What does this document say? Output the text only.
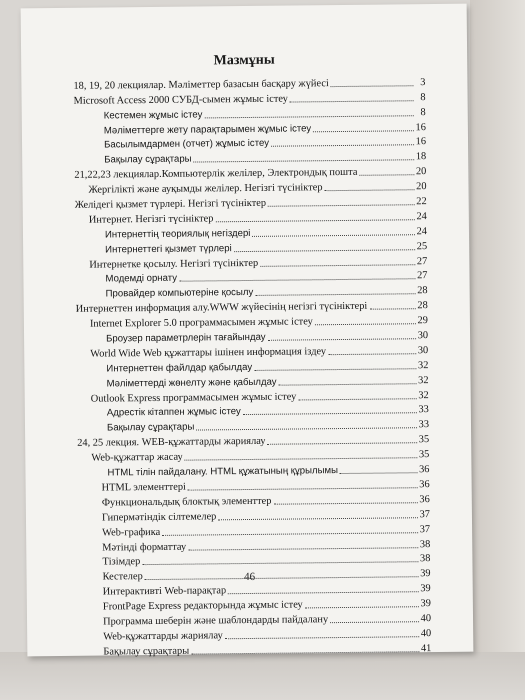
Мазмұны
18, 19, 20 лекциялар. Мәліметтер базасын басқару жүйесі	3
Microsoft Access 2000 СУБД-сымен жұмыс істеу	8
Кестемен жұмыс істеу	8
Мәліметтерге жету парақтарымен жұмыс істеу	16
Басылымдармен (отчет) жұмыс істеу	16
Бақылау сұрақтары	18
21,22,23 лекциялар.Компьютерлік желілер, Электрондық пошта	20
Жергілікті және ауқымды желілер. Негізгі түсініктер	20
Желідегі қызмет түрлері. Негізгі түсініктер	22
Интернет. Негізгі түсініктер	24
Интернеттің теориялық негіздері	24
Интернеттегі қызмет түрлері	25
Интернетке қосылу. Негізгі түсініктер	27
Модемді орнату	27
Провайдер компьютеріне қосылу	28
Интернеттен информация алу.WWW жүйесінің негізгі түсініктері	28
Internet Explorer 5.0 программасымен жұмыс істеу	29
Броузер параметрлерін тағайындау	30
World Wide Web құжаттары ішінен информация іздеу	30
Интернеттен файлдар қабылдау	32
Мәліметтерді жөнелту және қабылдау	32
Outlook Express программасымен жұмыс істеу	32
Адрестік кітаппен жұмыс істеу	33
Бақылау сұрақтары	33
24, 25 лекция. WEB-құжаттарды жариялау	35
Web-құжаттар жасау	35
HTML тілін пайдалану. HTML құжатының құрылымы	36
HTML элементтері	36
Функциональдық блоктық элементтер	36
Гипермәтіндік сілтемелер	37
Web-графика	37
Мәтінді форматтау	38
Тізімдер	38
Кестелер	39
Интерактивті Web-парақтар	39
FrontPage Express редакторында жұмыс істеу	39
Программа шеберін және шаблондарды пайдалану	40
Web-құжаттарды жариялау	40
Бақылау сұрақтары	41
46
